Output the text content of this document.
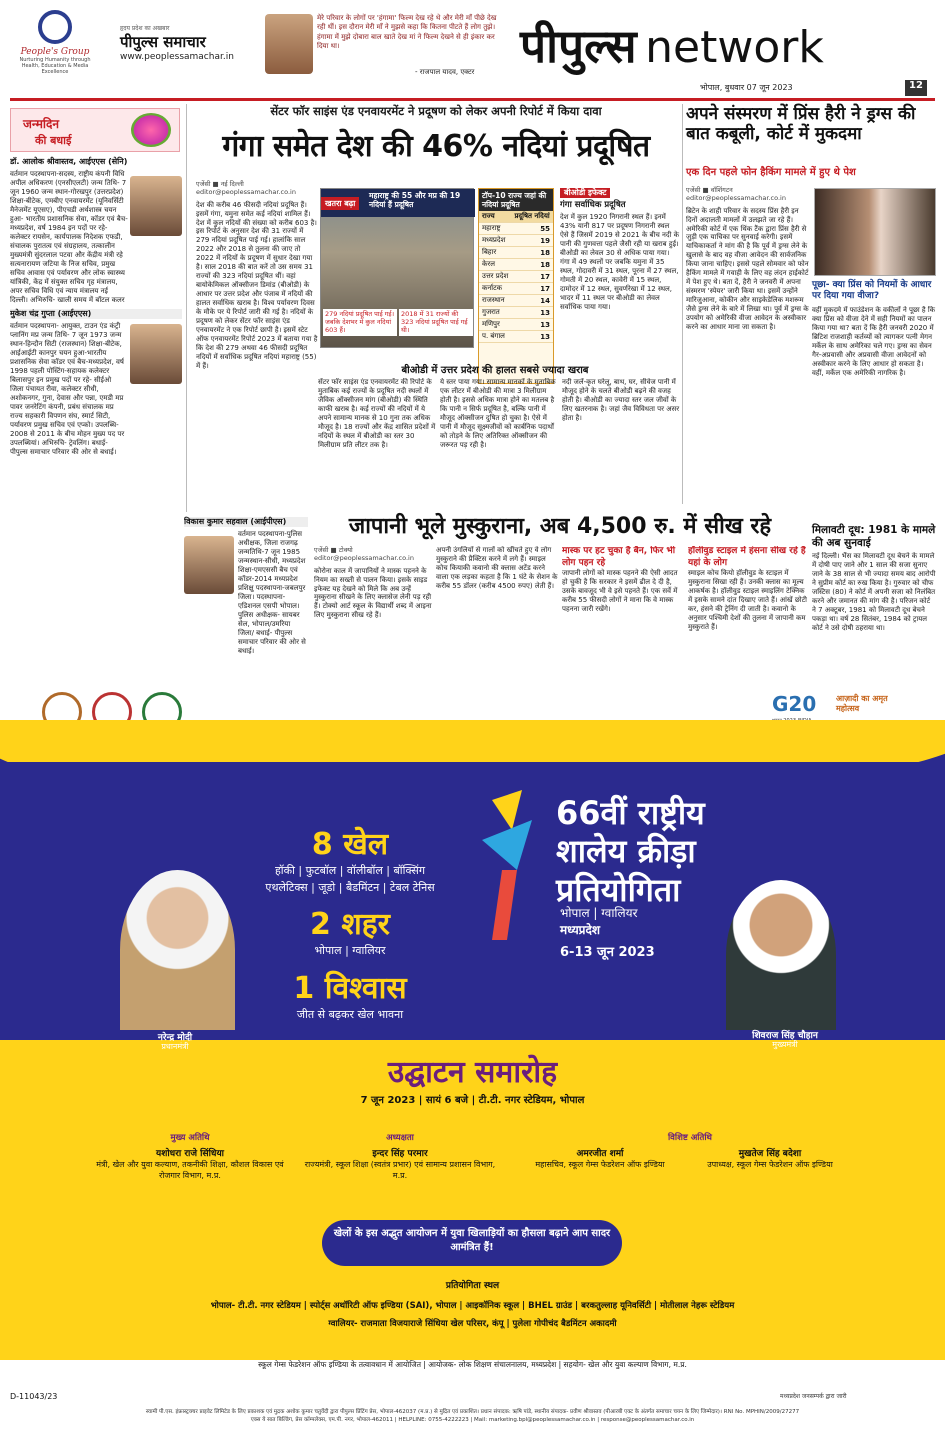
People's Group
Nurturing Humanity through Health, Education & Media Excellence
हृदय प्रदेश का अखबार
पीपुल्स समाचार
www.peoplessamachar.in
मेरे परिवार के लोगों पर 'हंगामा' फिल्म देख रहे थे और मेरी माँ पीछे देख रही थीं। इस दौरान मेरी माँ ने मुझसे कहा कि कितना पीटते हैं लोग तुझे। हंगामा में मुझे दोबारा बाल खाते देख मां ने फिल्म देखने से ही इंकार कर दिया था।
- राजपाल यादव, एक्टर पीपुल्स network
भोपाल, बुधवार 07 जून 2023	12
जन्मदिन
की बधाई
डॉ. आलोक श्रीवास्तव, आईएएस (सेनि)
वर्तमान पदस्थापना-सदस्य, राष्ट्रीय कंपनी विधि अपील अधिकरण (एनसीएलटी) जन्म तिथि- 7 जून 1960 जन्म स्थान-गोरखपुर (उत्तरप्रदेश) शिक्षा-बीटेक, एमबीए एनवायरमेंट (यूनिवर्सिटी मैनेजमेंट यूएसए), पीएचडी अर्थशास्त्र चयन हुआ- भारतीय प्रशासनिक सेवा, कॉडर एवं बैच-मध्यप्रदेश, वर्ष 1984 इन पदों पर रहे- कलेक्टर रायसेन, कार्यपालक निदेशक एफडी, संचालक पुरातत्व एवं संग्रहालय, तत्कालीन मुख्यमंत्री सुंदरलाल पटवा और केंद्रीय मंत्री रहे सत्यनारायण जटिया के निज सचिव, प्रमुख सचिव आवास एवं पर्यावरण और लोक स्वास्थ्य यांत्रिकी, केंद्र में संयुक्त सचिव गृह मंत्रालय, अपर सचिव विधि एवं न्याय मंत्रालय नई दिल्ली। अभिरुचि- खाली समय में बॉटल कलर
मुकेश चंद्र गुप्ता (आईएएस)
वर्तमान पदस्थापना- आयुक्त, टाउन एंड कंट्री प्लानिंग मप्र जन्म तिथि- 7 जून 1973 जन्म स्थान-हिन्दौन सिटी (राजस्थान) शिक्षा-बीटेक, आईआईटी कानपुर चयन हुआ-भारतीय प्रशासनिक सेवा कॉडर एवं बैच-मध्यप्रदेश, वर्ष 1998 पहली पोस्टिंग-सहायक कलेक्टर बिलासपुर इन प्रमुख पदों पर रहे- सीईओ जिला पंचायत रीवा, कलेक्टर सीधी, अशोकनगर, गुना, देवास और पन्ना, एमडी मप्र पावर जनरेटिंग कंपनी, प्रबंध संचालक मप्र राज्य सहकारी विपणन संघ, स्मार्ट सिटी, पर्यावरण प्रमुख सचिव एवं एप्को। उपलब्धि- 2008 से 2011 के बीच मोहन मुख्य पद पर उपलब्धियां। अभिरुचि- ट्रेवलिंग। बधाई- पीपुल्स समाचार परिवार की ओर से बधाई।
विकास कुमार सहवाल (आईपीएस)
वर्तमान पदस्थापना-पुलिस अधीक्षक, जिला राजगढ़ जन्मतिथि-7 जून 1985 जन्मस्थान-सीधी, मध्यप्रदेश शिक्षा-एमएससी बैच एवं कॉडर-2014 मध्यप्रदेश प्रशिक्षु पदस्थापना-जबलपुर जिला। पदस्थापना-एडिशनल एसपी भोपाल। पुलिस अधीक्षक- सायबर सेल, भोपाल/उमरिया जिला/ बधाई- पीपुल्स समाचार परिवार की ओर से बधाई।
सेंटर फॉर साइंस एंड एनवायरमेंट ने प्रदूषण को लेकर अपनी रिपोर्ट में किया दावा
गंगा समेत देश की 46% नदियां प्रदूषित
एजेंसी ■ नई दिल्ली
editor@peoplessamachar.co.in
देश की करीब 46 फीसदी नदियां प्रदूषित हैं। इसमें गंगा, यमुना समेत कई नदियां शामिल हैं। देश में कुल नदियों की संख्या को करीब 603 है। इस रिपोर्ट के अनुसार देश की 31 राज्यों में 279 नदियां प्रदूषित पाई गई। हालांकि साल 2022 और 2018 से तुलना की जाए तो 2022 में नदियों के प्रदूषण में सुधार देखा गया है। साल 2018 की बात करें तो उस समय 31 राज्यों की 323 नदियां प्रदूषित थीं। वहां बायोकेमिकल ऑक्सीजन डिमांड (बीओडी) के आधार पर उत्तर प्रदेश और पंजाब में नदियों की हालत सर्वाधिक खराब है। विश्व पर्यावरण दिवस के मौके पर ये रिपोर्ट जारी की गई है। नदियों के प्रदूषण को लेकर सेंटर फॉर साइंस एंड एनवायरमेंट ने एक रिपोर्ट छापी है। इसमें स्टेट ऑफ एनवायरमेंट रिपोर्ट 2023 में बताया गया है कि देश की 279 अथवा 46 फीसदी प्रदूषित नदियों में सर्वाधिक प्रदूषित नदियां महाराष्ट्र (55) में हैं।
महाराष्ट्र की 55 और मप्र की 19 नदियां हैं प्रदूषित
खतरा बढ़ा
279 नदियां प्रदूषित पाई गई। जबकि देशभर में कुल नदियां 603 हैं।
2018 में 31 राज्यों की 323 नदियां प्रदूषित पाई गई थी।
टॉप-10 राज्य जहां की नदियां प्रदूषित
राज्य	प्रदूषित नदियां
महाराष्ट्र	55
मध्यप्रदेश	19
बिहार	18
केरल	18
उत्तर प्रदेश	17
कर्नाटक	17
राजस्थान	14
गुजरात	13
मणिपुर	13
प. बंगाल	13
बीओडी इफेक्ट
गंगा सर्वाधिक प्रदूषित
देश में कुल 1920 निगरानी स्थल हैं। इनमें 43% यानी 817 पर प्रदूषण निगरानी स्थल ऐसे हैं जिसमें 2019 से 2021 के बीच नदी के पानी की गुणवत्ता पहले जैसी रही या खराब हुई। बीओडी का लेवल 30 से अधिक पाया गया। गंगा में 49 स्थलों पर जबकि यमुना में 35 स्थल, गोदावरी में 31 स्थल, पूरना में 27 स्थल, गोमती में 20 स्थल, कावेरी में 15 स्थल, दामोदर में 12 स्थल, सुवर्णरेखा में 12 स्थल, भादर में 11 स्थल पर बीओडी का लेवल सर्वाधिक पाया गया।
बीओडी में उत्तर प्रदेश की हालत सबसे ज्यादा खराब
सेंटर फॉर साइंस एंड एनवायरमेंट की रिपोर्ट के मुताबिक कई राज्यों के प्रदूषित नदी स्थलों में जैविक ऑक्सीजन मांग (बीओडी) की स्थिति काफी खराब है। कई राज्यों की नदियों में ये अपने सामान्य मानक से 10 गुना तक अधिक मौजूद है। 18 राज्यों और केंद्र शासित प्रदेशों में नदियों के स्थल में बीओडी का स्तर 30 मिलीग्राम प्रति लीटर तक है।
ये स्तर पाया गया। सामान्य मानकों के मुताबिक एक लीटर में बीओडी की मात्रा 3 मिलीग्राम होती है। इससे अधिक मात्रा होने का मतलब है कि पानी न सिर्फ प्रदूषित है, बल्कि पानी में मौजूद ऑक्सीजन दुषित हो चुका है। ऐसे में पानी में मौजूद सूक्ष्मजीवों को कार्बनिक पदार्थों को तोड़ने के लिए अतिरिक्त ऑक्सीजन की जरूरत पड़ रही है।
नदी जलें-कृत घरेलू, बाथ, घर, सीवेज पानी में मौजूद होने के चलते बीओडी बढ़ने की वजह होती है। बीओडी का ज्यादा स्तर जल जीवों के लिए खतरनाक है। जहां जैव विविधता पर असर होता है।
अपने संस्मरण में प्रिंस हैरी ने ड्रग्स की बात कबूली, कोर्ट में मुकदमा
एक दिन पहले फोन हैकिंग मामले में हुए थे पेश
एजेंसी ■ वॉशिंगटन
editor@peoplessamachar.co.in
ब्रिटेन के शाही परिवार के सदस्य प्रिंस हैरी इन दिनों अदालती मामलों में उलझते जा रहे हैं। अमेरिकी कोर्ट में एक थिंक टैंक द्वारा प्रिंस हैरी से जुड़ी एक याचिका पर सुनवाई करेगी। इसमें याचिकाकर्ता ने मांग की है कि पूर्व में ड्रग्स लेने के खुलासे के बाद वह वीजा आवेदन की सार्वजनिक किया जाना चाहिए। इससे पहले सोमवार को फोन हैकिंग मामले में गवाही के लिए वह लंदन हाईकोर्ट में पेश हुए थे। बता दें, हैरी ने जनवरी में अपना संस्मरण 'स्पेयर' जारी किया था। इसमें उन्होंने मारिजुआना, कोकीन और साइकेडेलिक मशरूम जैसे ड्रग्स लेने के बारे में लिखा था। पूर्व में ड्रग्स के उपयोग को अमेरिकी वीजा आवेदन के अस्वीकार करने का आधार माना जा सकता है।
पूछा- क्या प्रिंस को नियमों के आधार पर दिया गया वीजा?
वहीं मुकदमे में फाउंडेशन के वकीलों ने पूछा है कि क्या प्रिंस को वीजा देने में सही नियमों का पालन किया गया था? बता दें कि हैरी जनवरी 2020 में ब्रिटिश राजशाही कर्तव्यों को त्यागकर पत्नी मेगन मर्केल के साथ अमेरिका चले गए। ड्रग्स का सेवन गैर-अप्रवासी और अप्रवासी वीजा आवेदनों को अस्वीकार करने के लिए आधार हो सकता है। वहीं, मर्केल एक अमेरिकी नागरिक है।
मिलावटी दूध: 1981 के मामले की अब सुनवाई
नई दिल्ली। भैंस का मिलावटी दूध बेचने के मामले में दोषी पाए जाने और 1 साल की सजा सुनाए जाने के 38 साल से भी ज्यादा समय बाद आरोपी ने सुप्रीम कोर्ट का रुख किया है। गुरुवार को चीफ जस्टिस (80) ने कोर्ट में अपनी सजा को निलंबित करने और जमानत की मांग की है। परिजन कोर्ट ने 7 अक्टूबर, 1981 को मिलावटी दूध बेचने पकड़ा था। वर्ष 28 सितंबर, 1984 को ट्रायल कोर्ट ने उसे दोषी ठहराया था।
जापानी भूले मुस्कुराना, अब 4,500 रु. में सीख रहे
एजेंसी ■ टोक्यो
editor@peoplessamachar.co.in
कोरोना काल में जापानियों ने मास्क पहनने के नियम का सख्ती से पालन किया। इसके साइड इफेक्ट यह देखने को मिले कि अब उन्हें मुस्कुराना सीखने के लिए क्लासेज लेनी पड़ रही हैं। टोक्यो आर्ट स्कूल के विद्यार्थी शब्द में आइना लिए मुस्कुराना सीख रहे हैं।
अपनी उंगलियों से गालों को खींचते हुए वे लोग मुस्कुराने की प्रैक्टिस करने में लगे हैं। स्माइल कोच कियाकी कवानो की क्लास अटेंड करने वाला एक लड़का कहता है कि 1 घंटे के सेशन के करीब 55 डॉलर (करीब 4500 रुपए) लेती हैं।
मास्क पर हट चुका है बैन, फिर भी लोग पहन रहे
जापानी लोगों को मास्क पहनने की ऐसी आदत हो चुकी है कि सरकार ने इसमें ढील दे दी है, उसके बावजूद भी वे इसे पहनते हैं। एक सर्वे में करीब 55 फीसदी लोगों ने माना कि वे मास्क पहनना जारी रखेंगे।
हॉलीवुड स्टाइल में हंसना सीख रहे हैं यहां के लोग
स्माइल कोच कियो हॉलीवुड के स्टाइल में मुस्कुराना सिखा रही हैं। उनकी क्लास का मूल्य आकर्षक है। हॉलीवुड स्टाइल स्माइलिंग टेक्निक में इसके सामने दांत दिखाए जाते हैं। आंखें छोटी कर, हंसने की ट्रेनिंग दी जाती है। कवानो के अनुसार पश्चिमी देशों की तुलना में जापानी कम मुस्कुराते हैं।
G20 आज़ादी का अमृत महोत्सव
8 खेल
हॉकी | फुटबॉल | वॉलीबॉल | बॉक्सिंग
एथलेटिक्स | जूडो | बैडमिंटन | टेबल टेनिस
2 शहर
भोपाल | ग्वालियर
1 विश्वास
जीत से बढ़कर खेल भावना
66वीं राष्ट्रीय
शालेय क्रीड़ा
प्रतियोगिता
भोपाल | ग्वालियर
मध्यप्रदेश
6-13 जून 2023
नरेन्द्र मोदी
प्रधानमंत्री
शिवराज सिंह चौहान
मुख्यमंत्री
उद्घाटन समारोह
7 जून 2023 | सायं 6 बजे | टी.टी. नगर स्टेडियम, भोपाल
मुख्य अतिथि
यशोधरा राजे सिंधिया
मंत्री, खेल और युवा कल्याण, तकनीकी शिक्षा, कौशल विकास एवं रोजगार विभाग, म.प्र.
अध्यक्षता
इन्दर सिंह परमार
राज्यमंत्री, स्कूल शिक्षा (स्वतंत्र प्रभार) एवं सामान्य प्रशासन विभाग, म.प्र.
विशिष्ट अतिथि
अमरजीत शर्मा
महासचिव, स्कूल गेम्स फेडरेशन ऑफ इण्डिया
मुखतेज सिंह बदेशा
उपाध्यक्ष, स्कूल गेम्स फेडरेशन ऑफ इण्डिया
खेलों के इस अद्भुत आयोजन में युवा खिलाड़ियों का हौसला बढ़ाने आप सादर आमंत्रित हैं!
प्रतियोगिता स्थल
भोपाल- टी.टी. नगर स्टेडियम | स्पोर्ट्स अथॉरिटी ऑफ इण्डिया (SAI), भोपाल | आइकॉनिक स्कूल | BHEL ग्राउंड | बरकतुल्लाह यूनिवर्सिटी | मोतीलाल नेहरू स्टेडियम
ग्वालियर- राजमाता विजयाराजे सिंधिया खेल परिसर, कंपू | पुलेला गोपीचंद बैडमिंटन अकादमी
स्कूल गेम्स फेडरेशन ऑफ इण्डिया के तत्वावधान में आयोजित | आयोजक- लोक शिक्षण संचालनालय, मध्यप्रदेश | सहयोग- खेल और युवा कल्याण विभाग, म.प्र.
D-11043/23	मध्यप्रदेश जनसम्पर्क द्वारा जारी
स्वामी पी.एस. इंफ्रास्ट्रक्चर प्राइवेट लिमिटेड के लिए प्रकाशक एवं मुद्रक अशोक कुमार चतुर्वेदी द्वारा पीपुल्स प्रिंटिंग प्रेस, भोपाल-462037 (म.प्र.) से मुद्रित एवं प्रकाशित। प्रधान संपादक: ऋषि पांडे, स्थानीय संपादक- प्रवीण श्रीवास्तव (पीआरबी एक्ट के अंतर्गत समाचार चयन के लिए जिम्मेदार)। RNI No. MPHIN/2009/27277
एक्स ये सात बिल्डिंग, प्रेस कॉम्पलेक्स, एम.पी. नगर, भोपाल-462011 | HELPLINE: 0755-4222223 | Mail: marketing.bpl@peoplessamachar.co.in | response@peoplessamachar.co.in
